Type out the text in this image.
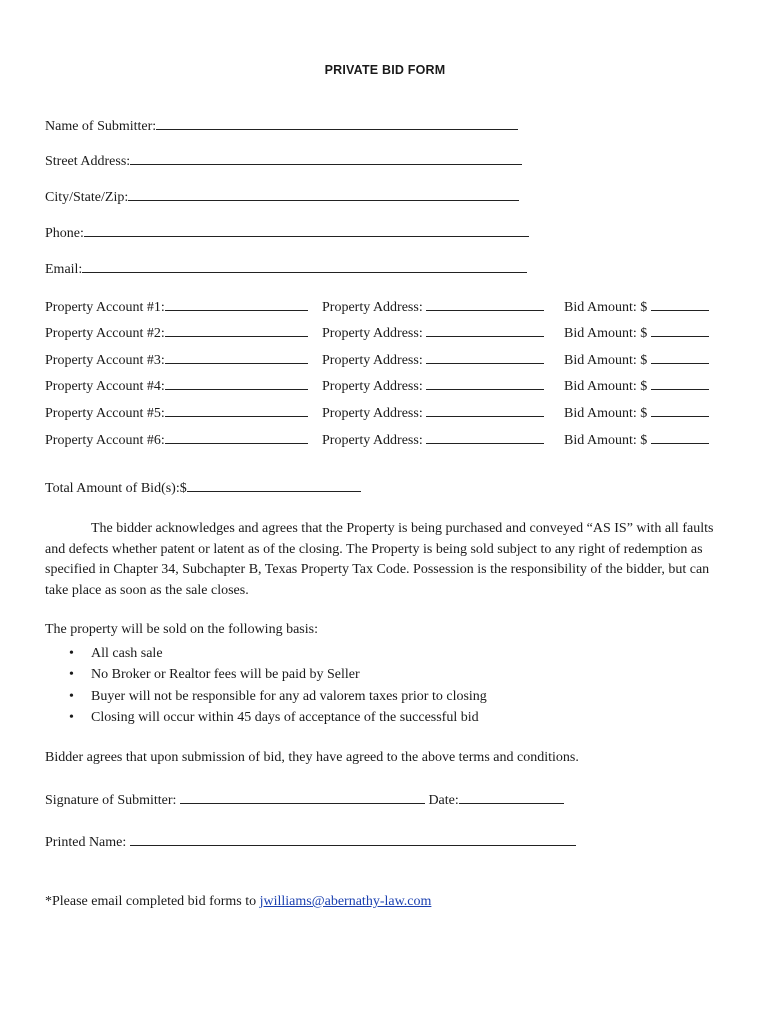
PRIVATE BID FORM
Name of Submitter:
Street Address:
City/State/Zip:
Phone:
Email:
Property Account #1:	Property Address:	Bid Amount: $
Property Account #2:	Property Address:	Bid Amount: $
Property Account #3:	Property Address:	Bid Amount: $
Property Account #4:	Property Address:	Bid Amount: $
Property Account #5:	Property Address:	Bid Amount: $
Property Account #6:	Property Address:	Bid Amount: $
Total Amount of Bid(s):$
The bidder acknowledges and agrees that the Property is being purchased and conveyed “AS IS” with all faults and defects whether patent or latent as of the closing. The Property is being sold subject to any right of redemption as specified in Chapter 34, Subchapter B, Texas Property Tax Code. Possession is the responsibility of the bidder, but can take place as soon as the sale closes.
The property will be sold on the following basis:
• All cash sale
• No Broker or Realtor fees will be paid by Seller
• Buyer will not be responsible for any ad valorem taxes prior to closing
• Closing will occur within 45 days of acceptance of the successful bid
Bidder agrees that upon submission of bid, they have agreed to the above terms and conditions.
Signature of Submitter:	Date:
Printed Name:
*Please email completed bid forms to jwilliams@abernathy-law.com
